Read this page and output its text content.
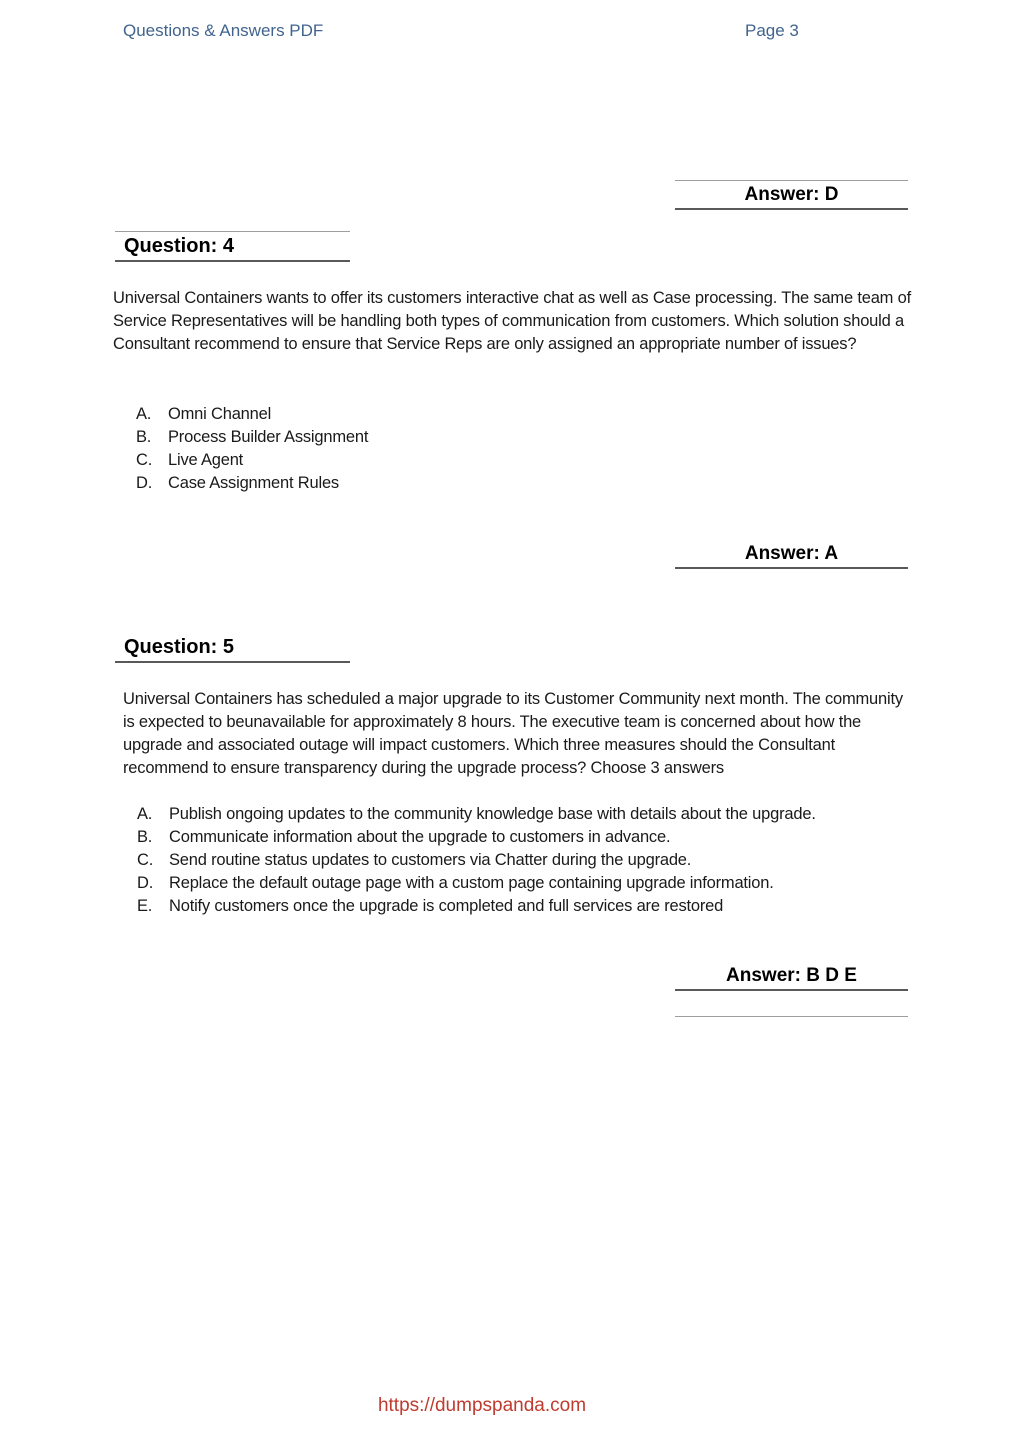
Questions & Answers PDF	Page 3
Answer: D
Question: 4
Universal Containers wants to offer its customers interactive chat as well as Case processing. The same team of Service Representatives will be handling both types of communication from customers. Which solution should a Consultant recommend to ensure that Service Reps are only assigned an appropriate number of issues?
A.	Omni Channel
B.	Process Builder Assignment
C. Live Agent
D. Case Assignment Rules
Answer: A
Question: 5
Universal Containers has scheduled a major upgrade to its Customer Community next month. The community is expected to beunavailable for approximately 8 hours. The executive team is concerned about how the upgrade and associated outage will impact customers. Which three measures should the Consultant recommend to ensure transparency during the upgrade process? Choose 3 answers
A.	Publish ongoing updates to the community knowledge base with details about the upgrade.
B.	Communicate information about the upgrade to customers in advance.
C. Send routine status updates to customers via Chatter during the upgrade.
D. Replace the default outage page with a custom page containing upgrade information.
E.	Notify customers once the upgrade is completed and full services are restored
Answer: B D E
https://dumpspanda.com
